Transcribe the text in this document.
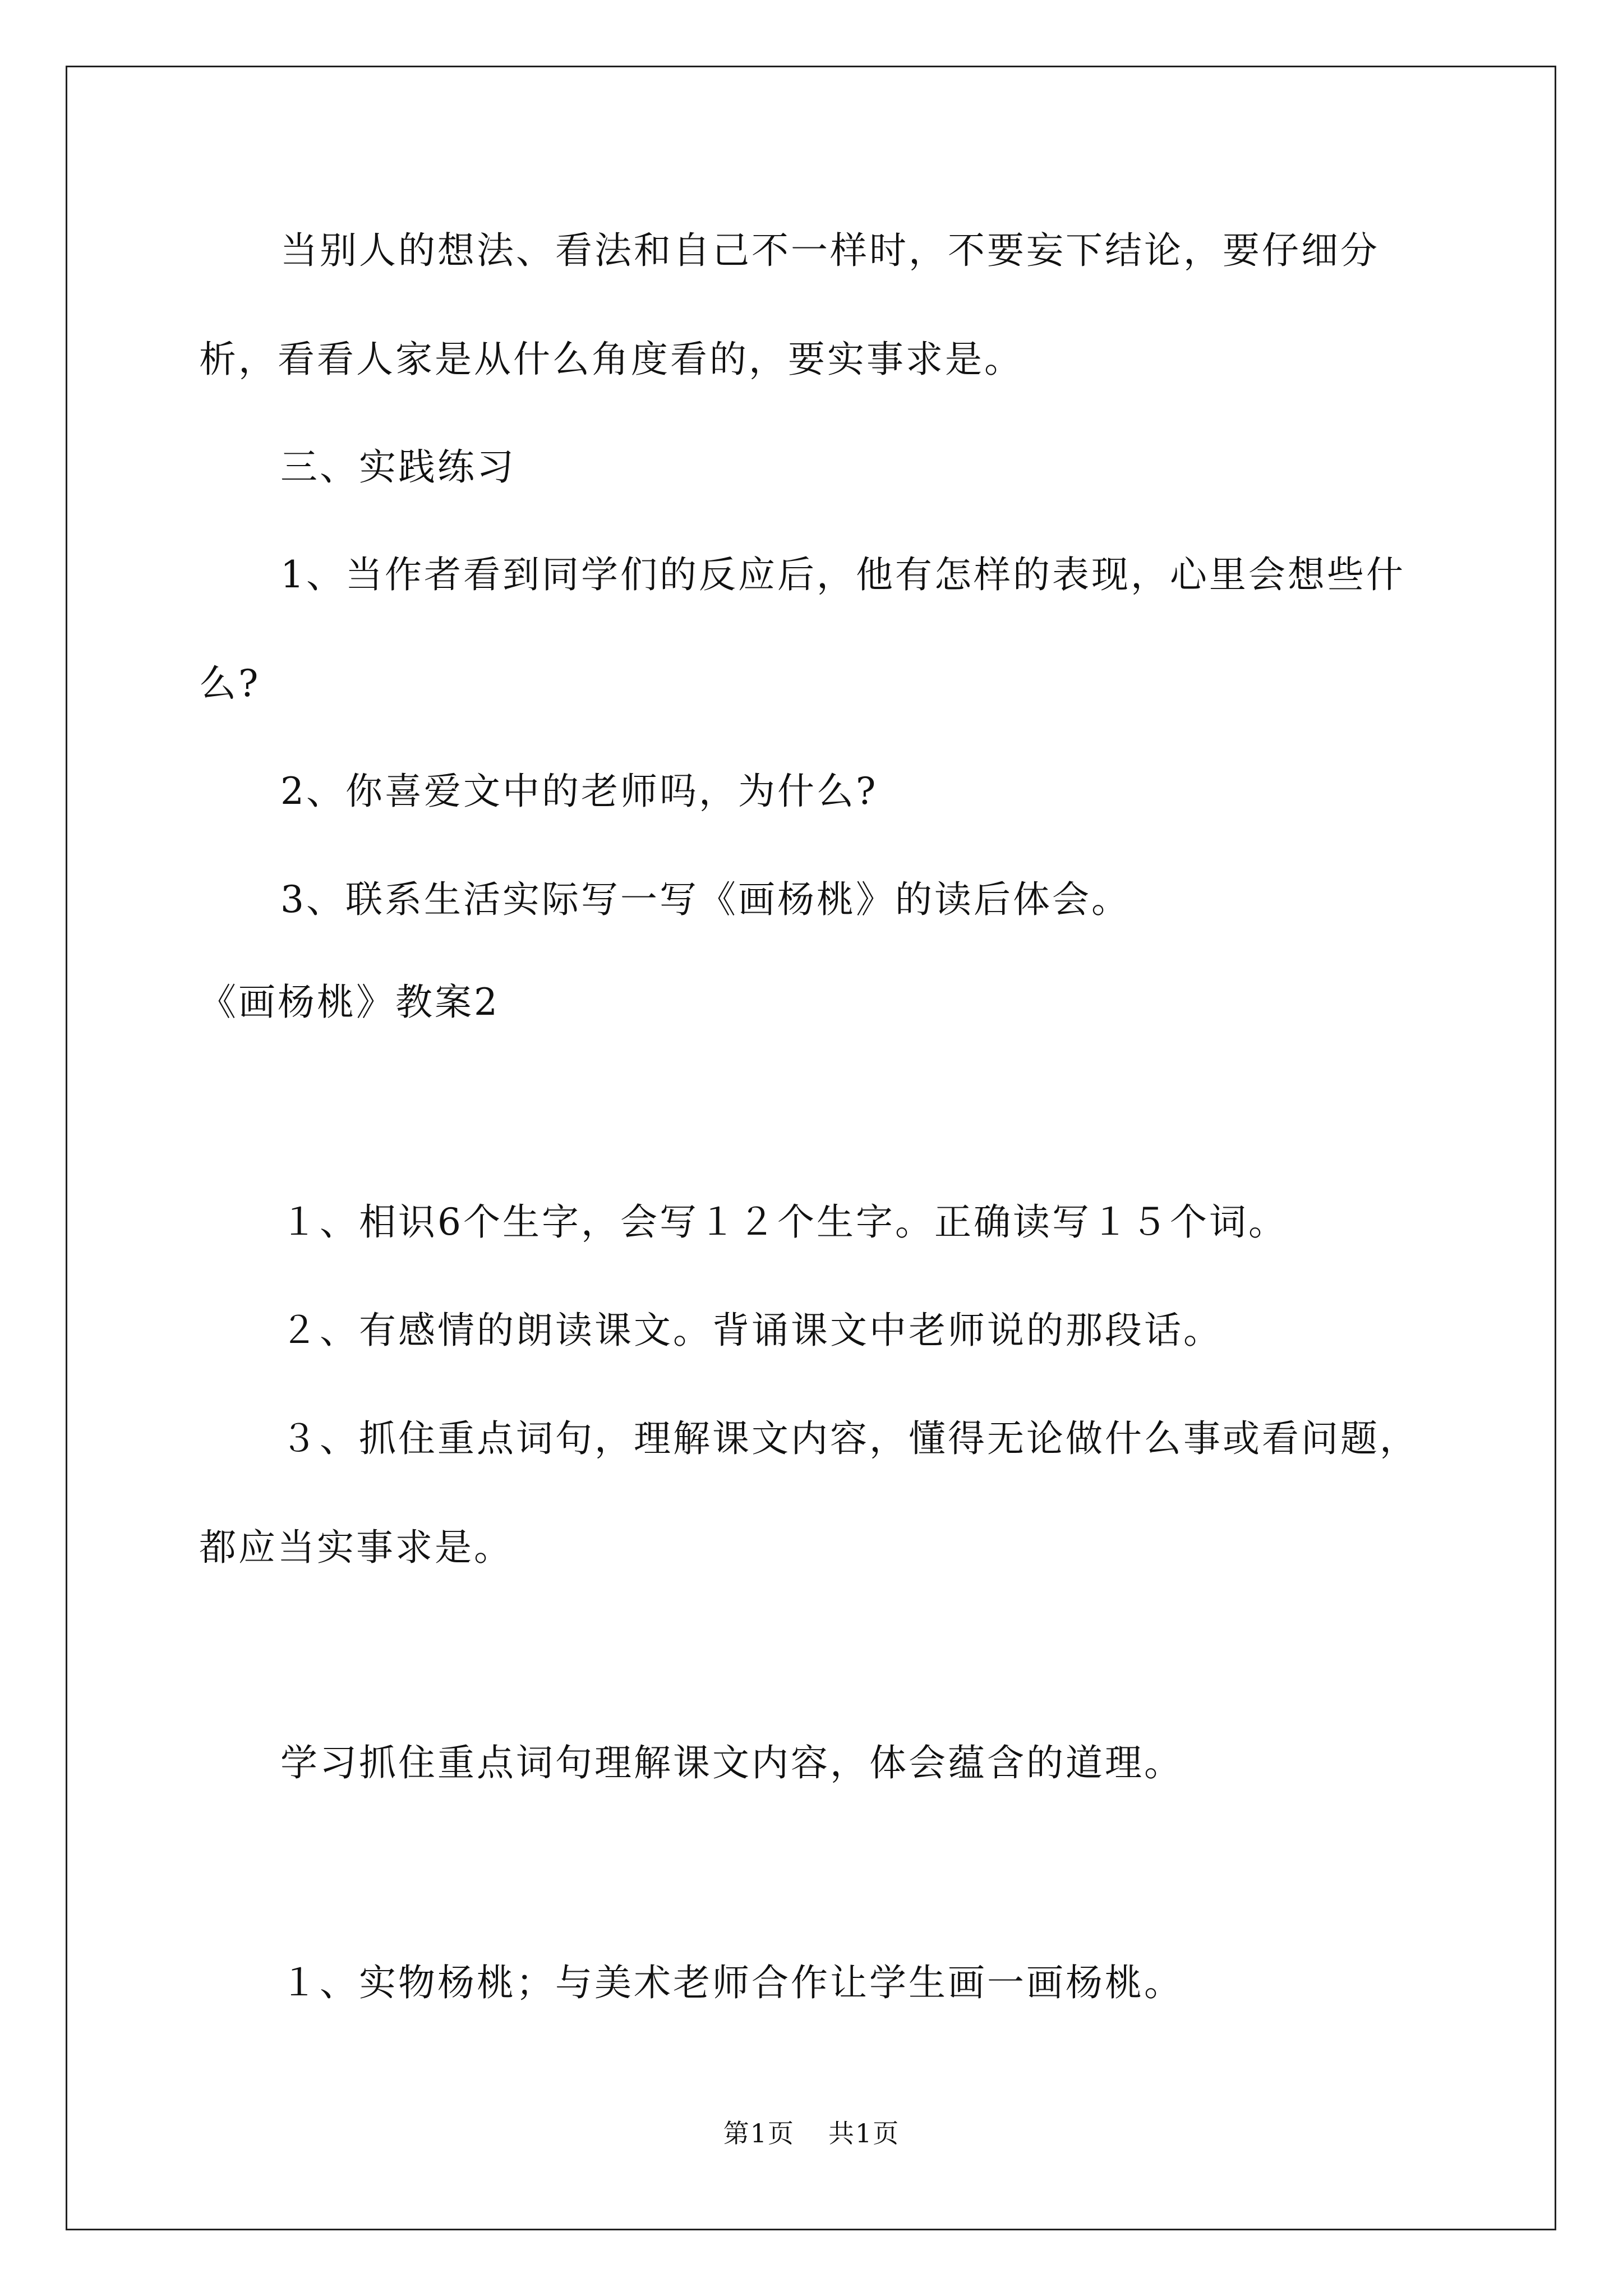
当别人的想法、看法和自己不一样时，不要妄下结论，要仔细分
析，看看人家是从什么角度看的，要实事求是。
三、实践练习
1、当作者看到同学们的反应后，他有怎样的表现，心里会想些什
么?
2、你喜爱文中的老师吗，为什么?
3、联系生活实际写一写《画杨桃》的读后体会。
《画杨桃》教案2
１、相识6个生字，会写１２个生字。正确读写１５个词。
２、有感情的朗读课文。背诵课文中老师说的那段话。
３、抓住重点词句，理解课文内容，懂得无论做什么事或看问题，
都应当实事求是。
学习抓住重点词句理解课文内容，体会蕴含的道理。
１、实物杨桃；与美术老师合作让学生画一画杨桃。
第1页 共1页
